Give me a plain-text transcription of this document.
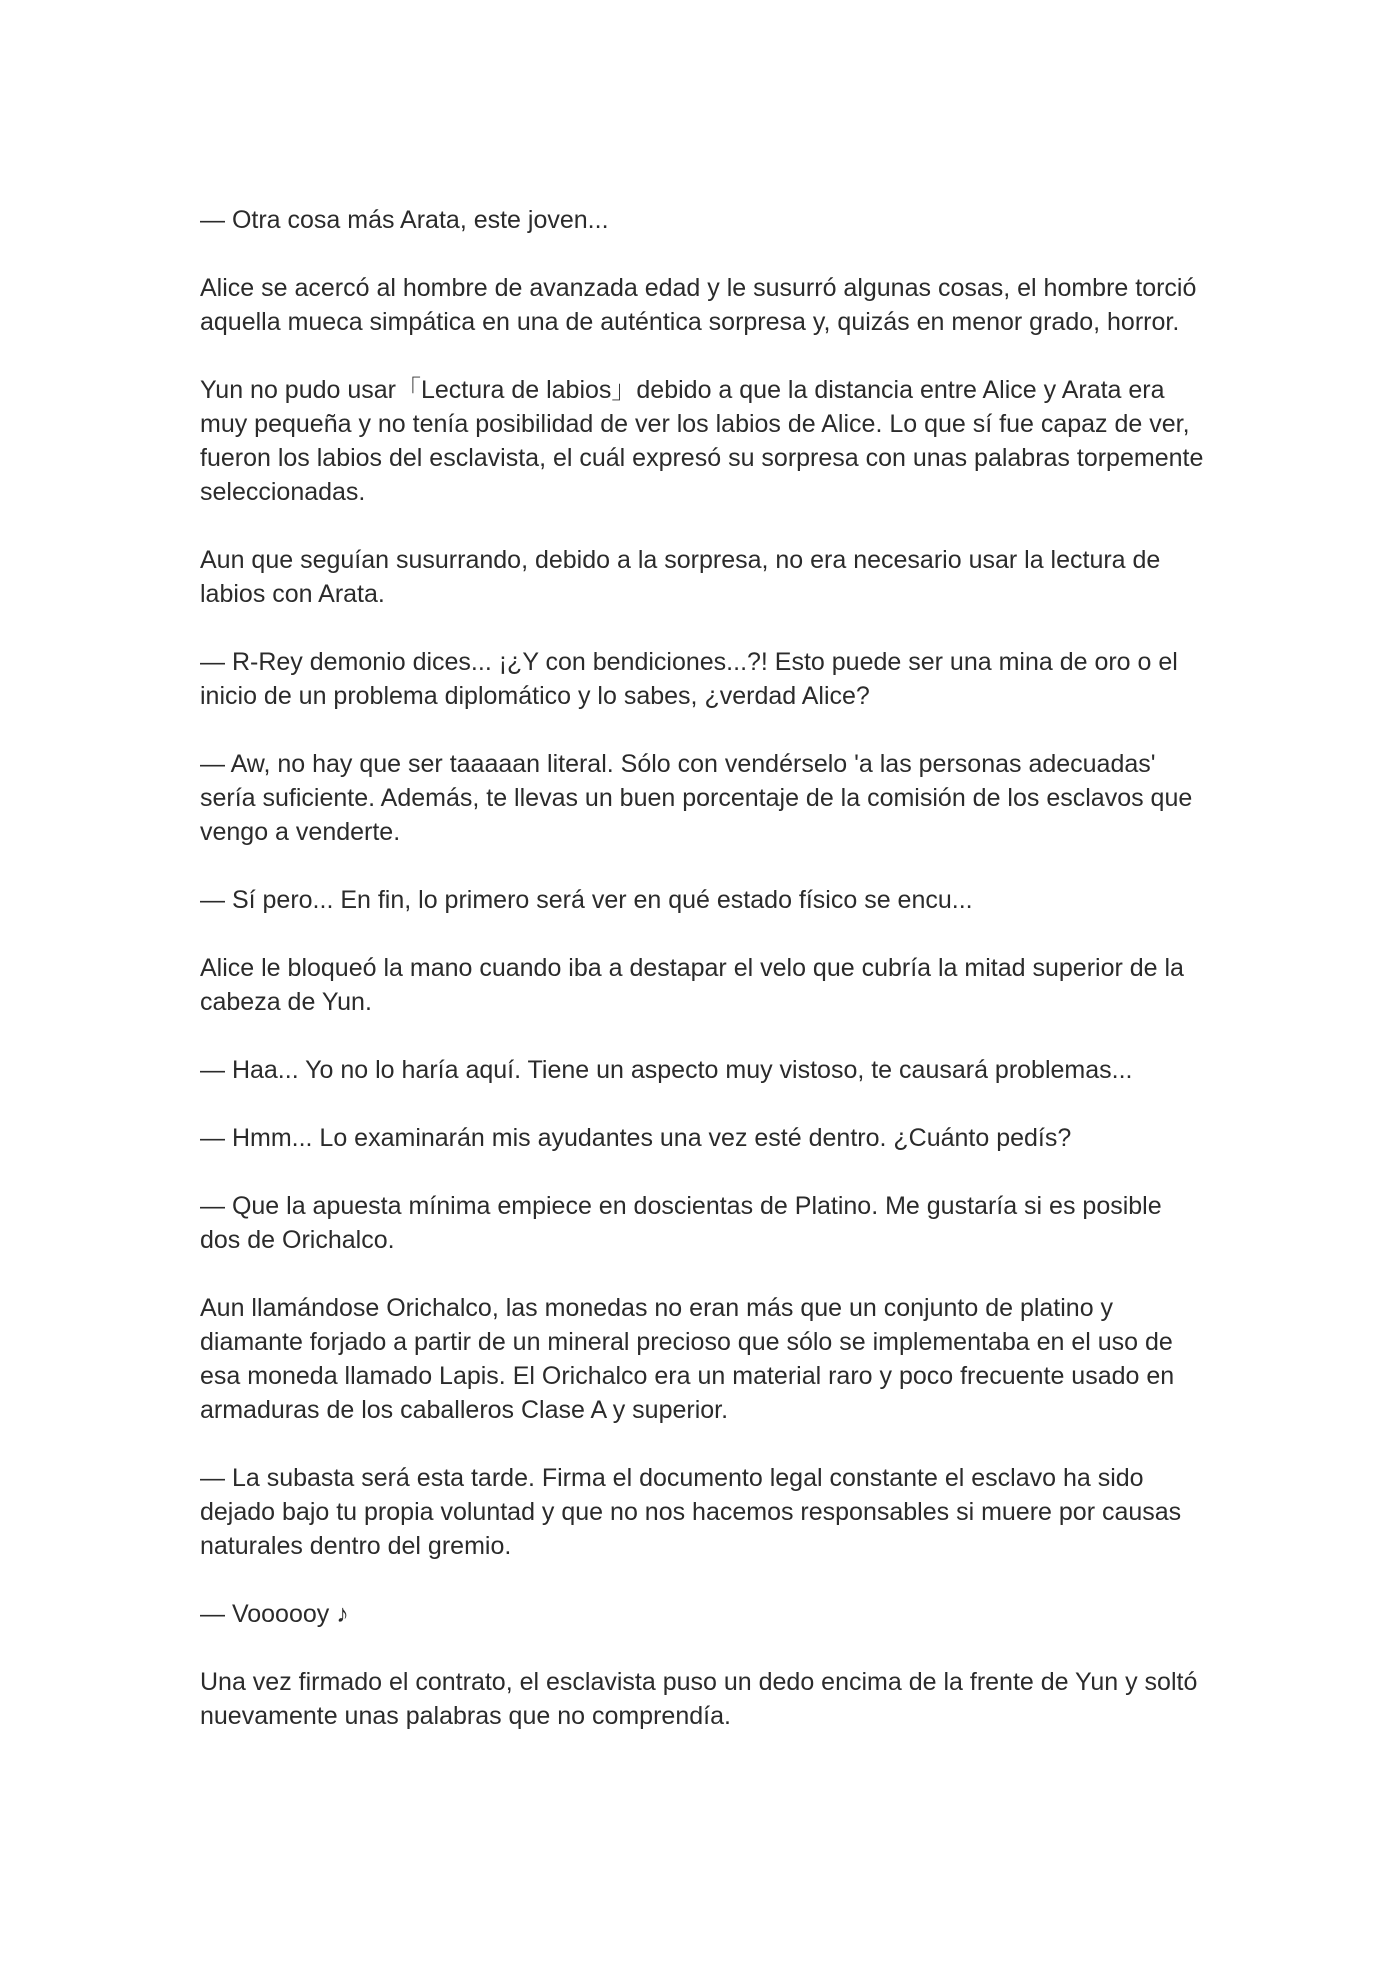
— Otra cosa más Arata, este joven...

Alice se acercó al hombre de avanzada edad y le susurró algunas cosas, el hombre torció aquella mueca simpática en una de auténtica sorpresa y, quizás en menor grado, horror.

Yun no pudo usar「Lectura de labios」debido a que la distancia entre Alice y Arata era muy pequeña y no tenía posibilidad de ver los labios de Alice. Lo que sí fue capaz de ver, fueron los labios del esclavista, el cuál expresó su sorpresa con unas palabras torpemente seleccionadas.

Aun que seguían susurrando, debido a la sorpresa, no era necesario usar la lectura de labios con Arata.

— R-Rey demonio dices... ¡¿Y con bendiciones...?! Esto puede ser una mina de oro o el inicio de un problema diplomático y lo sabes, ¿verdad Alice?

— Aw, no hay que ser taaaaan literal. Sólo con vendérselo 'a las personas adecuadas' sería suficiente. Además, te llevas un buen porcentaje de la comisión de los esclavos que vengo a venderte.

— Sí pero... En fin, lo primero será ver en qué estado físico se encu...

Alice le bloqueó la mano cuando iba a destapar el velo que cubría la mitad superior de la cabeza de Yun.

— Haa... Yo no lo haría aquí. Tiene un aspecto muy vistoso, te causará problemas...

— Hmm... Lo examinarán mis ayudantes una vez esté dentro. ¿Cuánto pedís?

— Que la apuesta mínima empiece en doscientas de Platino. Me gustaría si es posible dos de Orichalco.

Aun llamándose Orichalco, las monedas no eran más que un conjunto de platino y diamante forjado a partir de un mineral precioso que sólo se implementaba en el uso de esa moneda llamado Lapis. El Orichalco era un material raro y poco frecuente usado en armaduras de los caballeros Clase A y superior.

— La subasta será esta tarde. Firma el documento legal constante el esclavo ha sido dejado bajo tu propia voluntad y que no nos hacemos responsables si muere por causas naturales dentro del gremio.

— Voooooy ♪

Una vez firmado el contrato, el esclavista puso un dedo encima de la frente de Yun y soltó nuevamente unas palabras que no comprendía.
